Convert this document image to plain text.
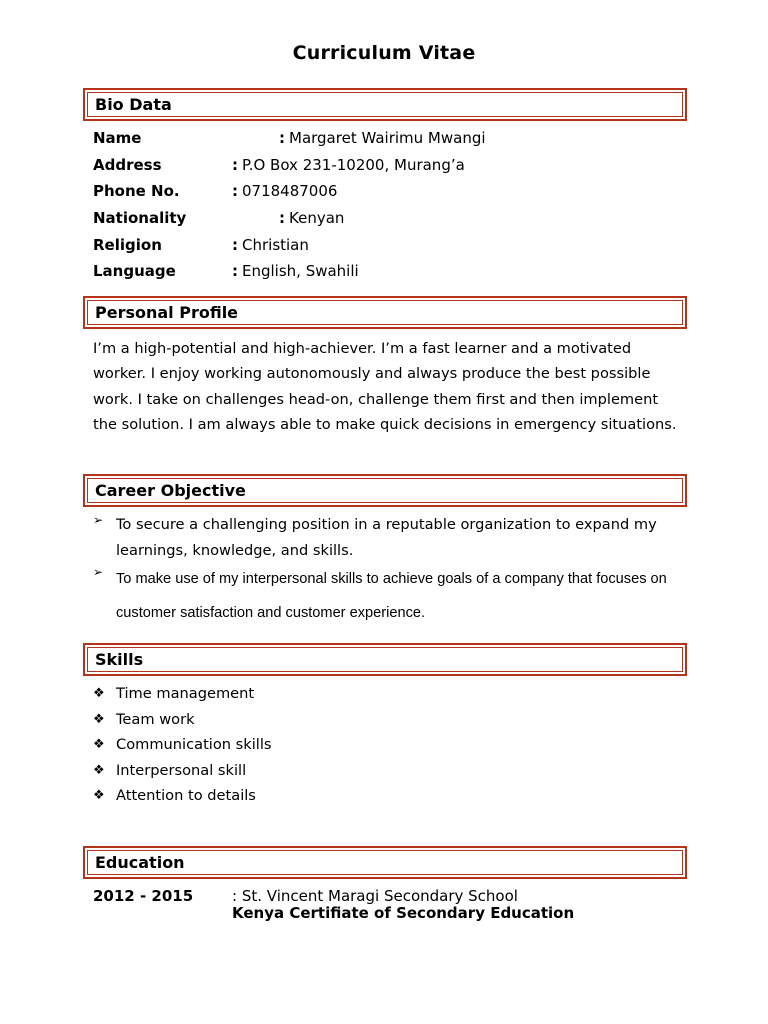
Curriculum Vitae
Bio Data
Name	: Margaret Wairimu Mwangi
Address	: P.O Box 231-10200, Murang’a
Phone No.	: 0718487006
Nationality	: Kenyan
Religion	: Christian
Language	: English, Swahili
Personal Profile
I’m a high-potential and high-achiever. I’m a fast learner and a motivated worker. I enjoy working autonomously and always produce the best possible work. I take on challenges head-on, challenge them first and then implement the solution. I am always able to make quick decisions in emergency situations.
Career Objective
➢ To secure a challenging position in a reputable organization to expand my learnings, knowledge, and skills.
➢ To make use of my interpersonal skills to achieve goals of a company that focuses on customer satisfaction and customer experience.
Skills
❖ Time management
❖ Team work
❖ Communication skills
❖ Interpersonal skill
❖ Attention to details
Education
2012 - 2015	: St. Vincent Maragi Secondary School
Kenya Certifiate of Secondary Education
